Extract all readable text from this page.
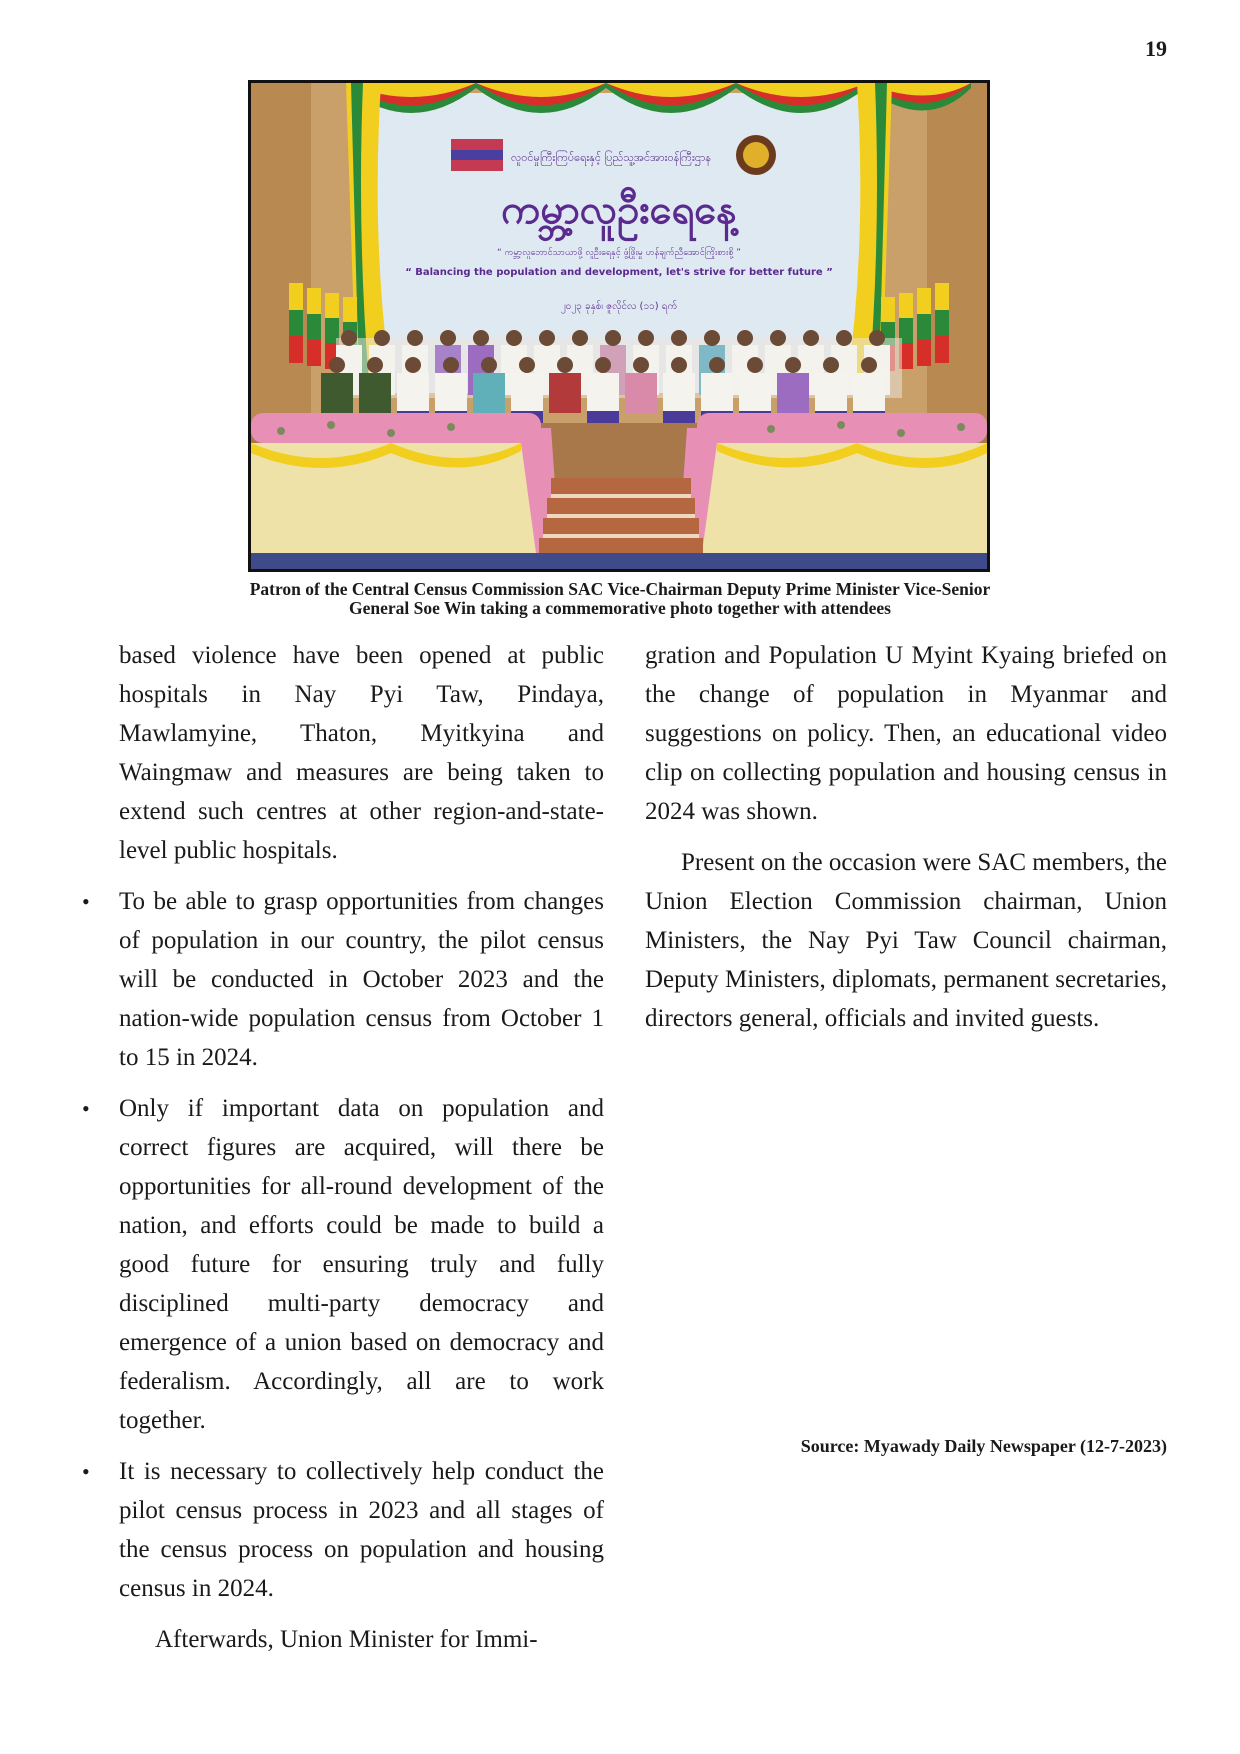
19
လူဝင်မှုကြီးကြပ်ရေးနှင့် ပြည်သူ့အင်အားဝန်ကြီးဌာန
ကမ္ဘာ့လူဦးရေနေ့
“ ကမ္ဘာ့လူဘောင်သာယာဖို့ လူဦးရေနှင့် ဖွံ့ဖြိုးမှု ဟန်ချက်ညီအောင်ကြိုးစားစို့ ”
“ Balancing the population and development, let's strive for better future ”
၂၀၂၃ ခုနှစ်၊ ဇူလိုင်လ (၁၁) ရက်
Patron of the Central Census Commission SAC Vice-Chairman Deputy Prime Minister Vice-Senior
General Soe Win taking a commemorative photo together with attendees

based violence have been opened at public hospitals in Nay Pyi Taw, Pindaya, Mawlamyine, Thaton, Myitkyina and Waingmaw and measures are being taken to extend such centres at other region-and-state-level public hospitals.

• To be able to grasp opportunities from changes of population in our country, the pilot census will be conducted in October 2023 and the nation-wide population census from October 1 to 15 in 2024.
• Only if important data on population and correct figures are acquired, will there be opportunities for all-round development of the nation, and efforts could be made to build a good future for ensuring truly and fully disciplined multi-party democracy and emergence of a union based on democracy and federalism. Accordingly, all are to work together.
• It is necessary to collectively help conduct the pilot census process in 2023 and all stages of the census process on population and housing census in 2024.

Afterwards, Union Minister for Immi-

gration and Population U Myint Kyaing briefed on the change of population in Myanmar and suggestions on policy. Then, an educational video clip on collecting population and housing census in 2024 was shown.

Present on the occasion were SAC members, the Union Election Commission chairman, Union Ministers, the Nay Pyi Taw Council chairman, Deputy Ministers, diplomats, permanent secretaries, directors general, officials and invited guests.

Source: Myawady Daily Newspaper (12-7-2023)
